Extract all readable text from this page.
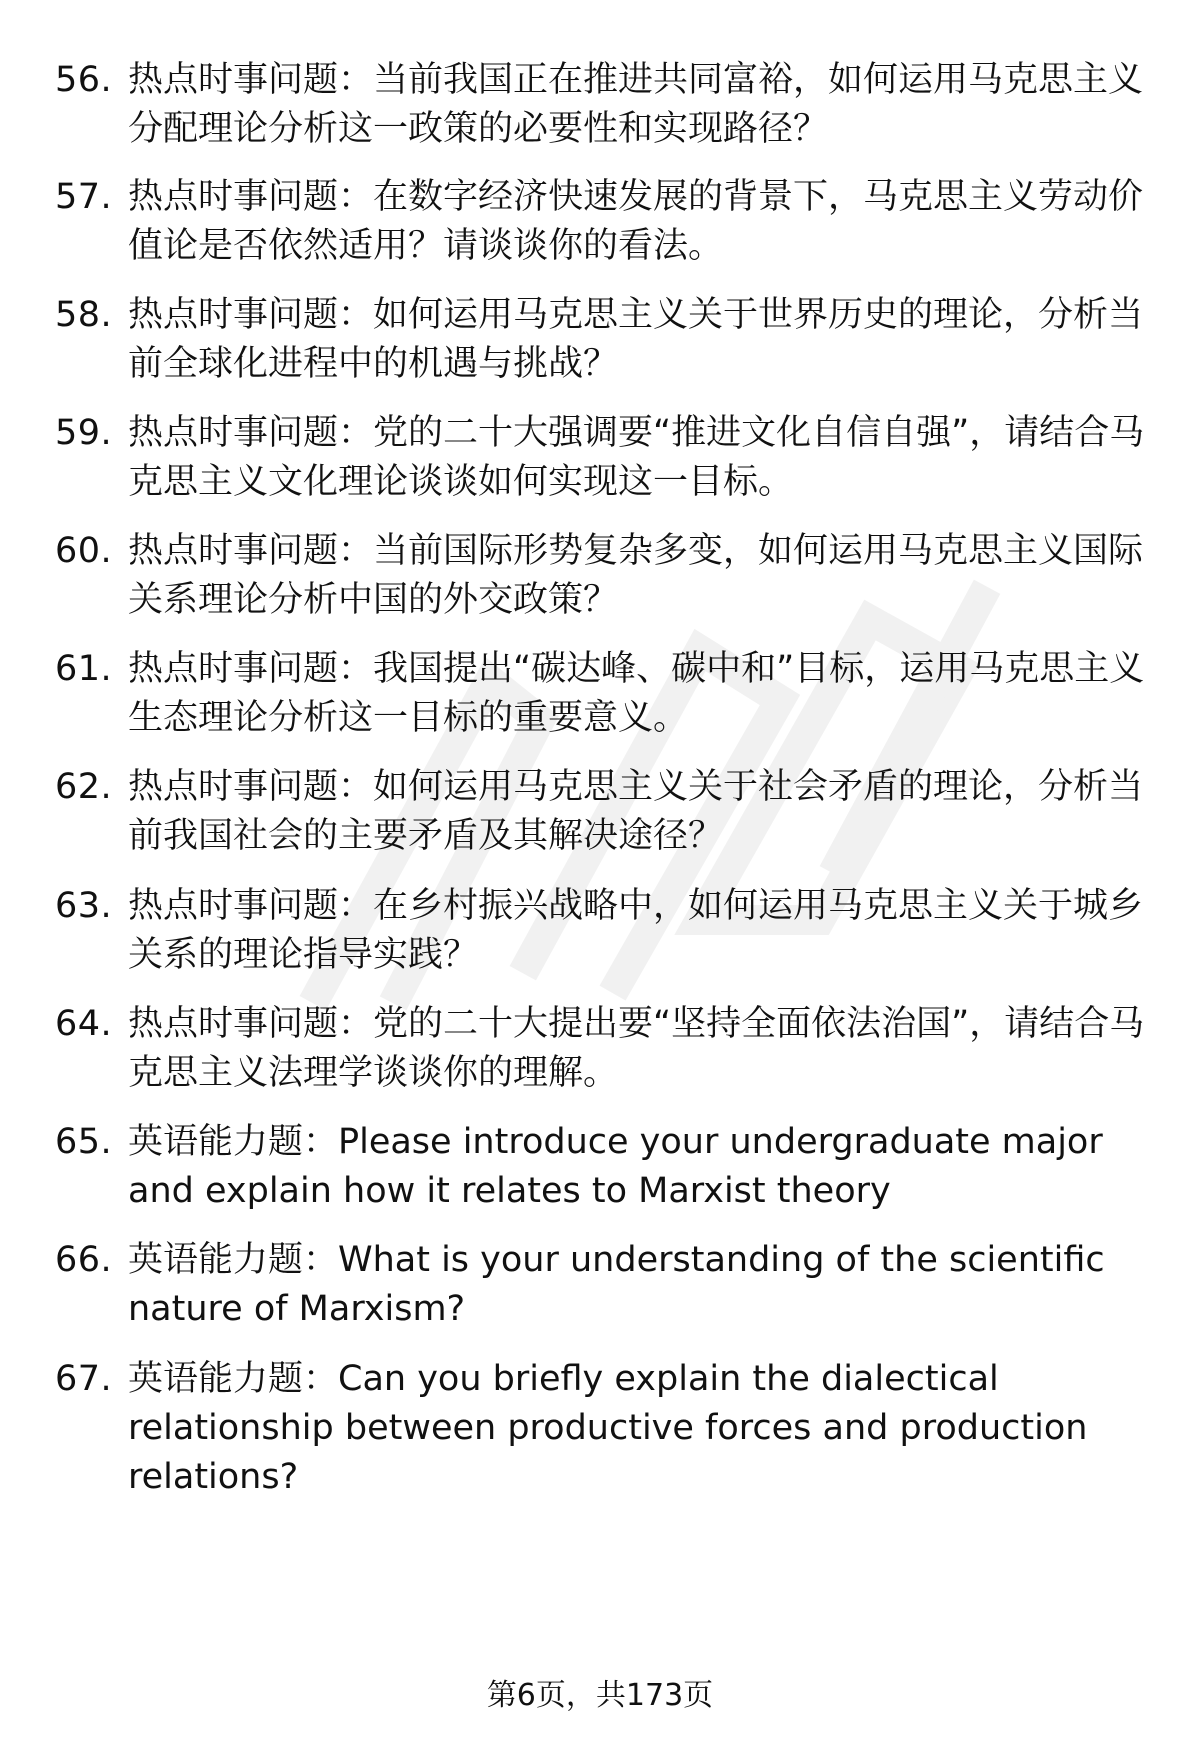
56. 热点时事问题：当前我国正在推进共同富裕，如何运用马克思主义分配理论分析这一政策的必要性和实现路径？

57. 热点时事问题：在数字经济快速发展的背景下，马克思主义劳动价值论是否依然适用？请谈谈你的看法。

58. 热点时事问题：如何运用马克思主义关于世界历史的理论，分析当前全球化进程中的机遇与挑战？

59. 热点时事问题：党的二十大强调要“推进文化自信自强”，请结合马克思主义文化理论谈谈如何实现这一目标。

60. 热点时事问题：当前国际形势复杂多变，如何运用马克思主义国际关系理论分析中国的外交政策？

61. 热点时事问题：我国提出“碳达峰、碳中和”目标，运用马克思主义生态理论分析这一目标的重要意义。

62. 热点时事问题：如何运用马克思主义关于社会矛盾的理论，分析当前我国社会的主要矛盾及其解决途径？

63. 热点时事问题：在乡村振兴战略中，如何运用马克思主义关于城乡关系的理论指导实践？

64. 热点时事问题：党的二十大提出要“坚持全面依法治国”，请结合马克思主义法理学谈谈你的理解。

65. 英语能力题：Please introduce your undergraduate major and explain how it relates to Marxist theory

66. 英语能力题：What is your understanding of the scientific nature of Marxism?

67. 英语能力题：Can you briefly explain the dialectical relationship between productive forces and production relations?

第6页，共173页
